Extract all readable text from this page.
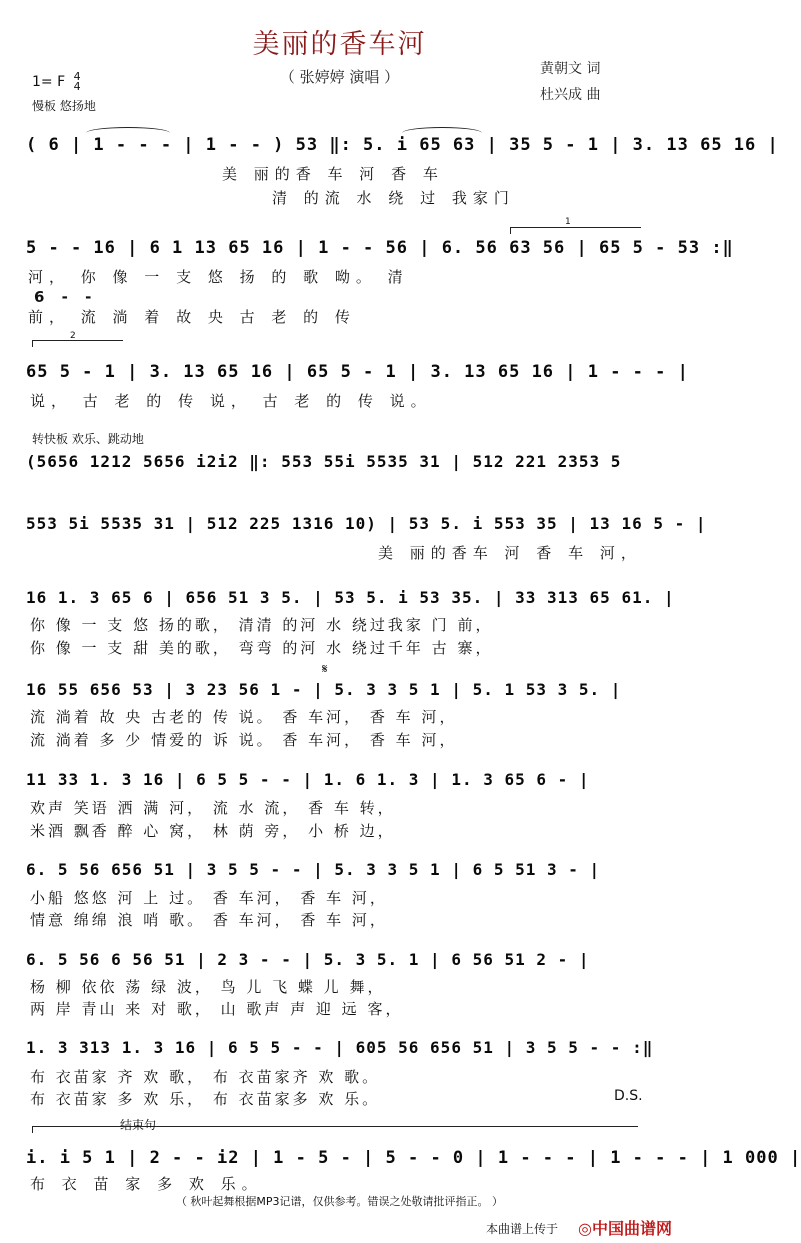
美丽的香车河
（ 张婷婷 演唱 ）	黄朝文 词
杜兴成 曲
1= F 4
4
慢板 悠扬地
( 6 | 1 - - - | 1 - - ) 53 ‖: 5. i 65 63 | 35 5 - 1 | 3. 13 65 16 |
美 丽的香 车 河 香 车
清 的流 水 绕 过 我家门
1
5 - - 16 | 6 1 13 65 16 | 1 - - 56 | 6. 56 63 56 | 65 5 - 53 :‖
河， 你 像 一 支 悠 扬 的 歌 呦。 清
6 - -
前， 流 淌 着 故 央 古 老 的 传
2
65 5 - 1 | 3. 13 65 16 | 65 5 - 1 | 3. 13 65 16 | 1 - - - |
说， 古 老 的 传 说， 古 老 的 传 说。
转快板 欢乐、跳动地
(5656 1212 5656 i2i2 ‖: 553 55i 5535 31 | 512 221 2353 5
553 5i 5535 31 | 512 225 1316 10) | 53 5. i 553 35 | 13 16 5 - |
美 丽的香车 河 香 车 河，
16 1. 3 65 6 | 656 51 3 5. | 53 5. i 53 35. | 33 313 65 61. |
你 像 一 支 悠 扬的歌， 清清 的河 水 绕过我家 门 前，
你 像 一 支 甜 美的歌， 弯弯 的河 水 绕过千年 古 寨，
𝄋
16 55 656 53 | 3 23 56 1 - | 5. 3 3 5 1 | 5. 1 53 3 5. |
流 淌着 故 央 古老的 传 说。 香 车河， 香 车 河，
流 淌着 多 少 情爱的 诉 说。 香 车河， 香 车 河，
11 33 1. 3 16 | 6 5 5 - - | 1. 6 1. 3 | 1. 3 65 6 - |
欢声 笑语 洒 满 河， 流 水 流， 香 车 转，
米酒 飘香 醉 心 窝， 林 荫 旁， 小 桥 边，
6. 5 56 656 51 | 3 5 5 - - | 5. 3 3 5 1 | 6 5 51 3 - |
小船 悠悠 河 上 过。 香 车河， 香 车 河，
情意 绵绵 浪 哨 歌。 香 车河， 香 车 河，
6. 5 56 6 56 51 | 2 3 - - | 5. 3 5. 1 | 6 56 51 2 - |
杨 柳 依依 荡 绿 波， 鸟 儿 飞 蝶 儿 舞，
两 岸 青山 来 对 歌， 山 歌声 声 迎 远 客，
1. 3 313 1. 3 16 | 6 5 5 - - | 605 56 656 51 | 3 5 5 - - :‖
布 衣苗家 齐 欢 歌， 布 衣苗家齐 欢 歌。
布 衣苗家 多 欢 乐， 布 衣苗家多 欢 乐。	D.S.
结束句
i. i 5 1 | 2 - - i2 | 1 - 5 - | 5 - - 0 | 1 - - - | 1 - - - | 1 000 |
布 衣 苗 家 多 欢 乐。
（ 秋叶起舞根据MP3记谱，仅供参考。错误之处敬请批评指正。 ）
本曲谱上传于 ◎中国曲谱网
